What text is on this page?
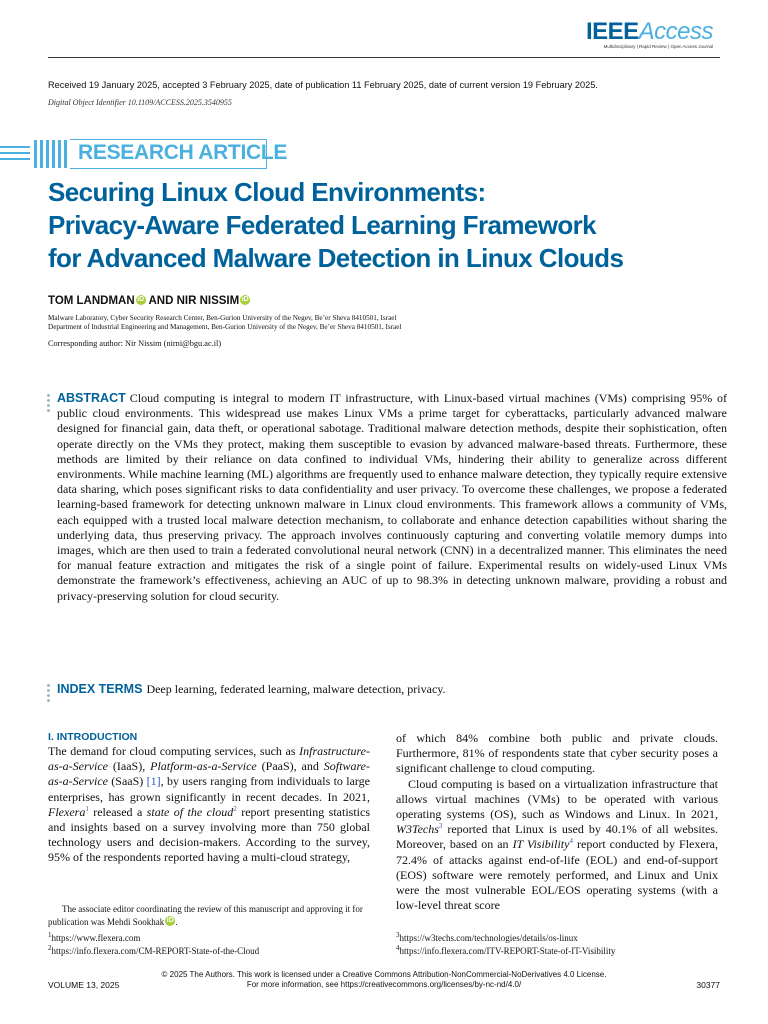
IEEEAccess
Multidisciplinary | Rapid Review | Open Access Journal
Received 19 January 2025, accepted 3 February 2025, date of publication 11 February 2025, date of current version 19 February 2025.
Digital Object Identifier 10.1109/ACCESS.2025.3540955
RESEARCH ARTICLE
Securing Linux Cloud Environments:
Privacy-Aware Federated Learning Framework
for Advanced Malware Detection in Linux Clouds
TOM LANDMAN iD AND NIR NISSIM iD
Malware Laboratory, Cyber Security Research Center, Ben-Gurion University of the Negev, Be’er Sheva 8410501, Israel
Department of Industrial Engineering and Management, Ben-Gurion University of the Negev, Be’er Sheva 8410501, Israel
Corresponding author: Nir Nissim (nirni@bgu.ac.il)
ABSTRACT Cloud computing is integral to modern IT infrastructure, with Linux-based virtual machines (VMs) comprising 95% of public cloud environments. This widespread use makes Linux VMs a prime target for cyberattacks, particularly advanced malware designed for financial gain, data theft, or operational sabotage. Traditional malware detection methods, despite their sophistication, often operate directly on the VMs they protect, making them susceptible to evasion by advanced malware-based threats. Furthermore, these methods are limited by their reliance on data confined to individual VMs, hindering their ability to generalize across different environments. While machine learning (ML) algorithms are frequently used to enhance malware detection, they typically require extensive data sharing, which poses significant risks to data confidentiality and user privacy. To overcome these challenges, we propose a federated learning-based framework for detecting unknown malware in Linux cloud environments. This framework allows a community of VMs, each equipped with a trusted local malware detection mechanism, to collaborate and enhance detection capabilities without sharing the underlying data, thus preserving privacy. The approach involves continuously capturing and converting volatile memory dumps into images, which are then used to train a federated convolutional neural network (CNN) in a decentralized manner. This eliminates the need for manual feature extraction and mitigates the risk of a single point of failure. Experimental results on widely-used Linux VMs demonstrate the framework’s effectiveness, achieving an AUC of up to 98.3% in detecting unknown malware, providing a robust and privacy-preserving solution for cloud security.
INDEX TERMS Deep learning, federated learning, malware detection, privacy.
I. INTRODUCTION

The demand for cloud computing services, such as Infrastructure-as-a-Service (IaaS), Platform-as-a-Service (PaaS), and Software-as-a-Service (SaaS) [1], by users ranging from individuals to large enterprises, has grown significantly in recent decades. In 2021, Flexera$^1$ released a state of the cloud$^2$ report presenting statistics and insights based on a survey involving more than 750 global technology users and decision-makers. According to the survey, 95% of the respondents reported having a multi-cloud strategy,

of which 84% combine both public and private clouds. Furthermore, 81% of respondents state that cyber security poses a significant challenge to cloud computing.

Cloud computing is based on a virtualization infrastructure that allows virtual machines (VMs) to be operated with various operating systems (OS), such as Windows and Linux. In 2021, W3Techs$^3$ reported that Linux is used by 40.1% of all websites. Moreover, based on an IT Visibility$^4$ report conducted by Flexera, 72.4% of attacks against end-of-life (EOL) and end-of-support (EOS) software were remotely performed, and Linux and Unix were the most vulnerable EOL/EOS operating systems (with a low-level threat score

The associate editor coordinating the review of this manuscript and approving it for publication was Mehdi Sookhak iD .
$^1$https://www.flexera.com
$^2$https://info.flexera.com/CM-REPORT-State-of-the-Cloud
$^3$https://w3techs.com/technologies/details/os-linux
$^4$https://info.flexera.com/ITV-REPORT-State-of-IT-Visibility
© 2025 The Authors. This work is licensed under a Creative Commons Attribution-NonCommercial-NoDerivatives 4.0 License.
For more information, see https://creativecommons.org/licenses/by-nc-nd/4.0/
VOLUME 13, 2025	30377
